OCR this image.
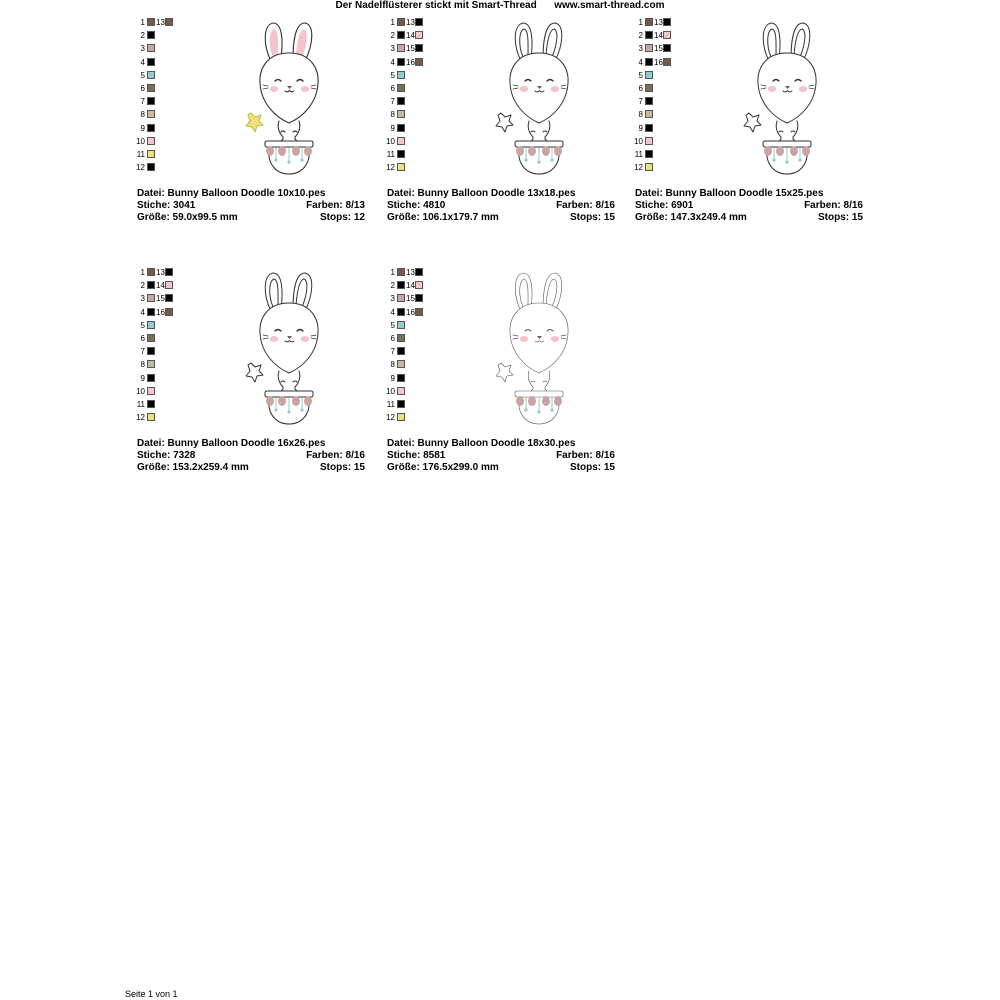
Der Nadelflüsterer stickt mit Smart-Thread www.smart-thread.com
1 13
2
3
4
5
6
7
8
9
10
11
12
Datei: Bunny Balloon Doodle 10x10.pes
Stiche: 3041	Farben: 8/13
Größe: 59.0x99.5 mm	Stops: 12
1 13
2 14
3 15
4 16
5
6
7
8
9
10
11
12
Datei: Bunny Balloon Doodle 13x18.pes
Stiche: 4810	Farben: 8/16
Größe: 106.1x179.7 mm	Stops: 15
1 13
2 14
3 15
4 16
5
6
7
8
9
10
11
12
Datei: Bunny Balloon Doodle 15x25.pes
Stiche: 6901	Farben: 8/16
Größe: 147.3x249.4 mm	Stops: 15
1 13
2 14
3 15
4 16
5
6
7
8
9
10
11
12
Datei: Bunny Balloon Doodle 16x26.pes
Stiche: 7328	Farben: 8/16
Größe: 153.2x259.4 mm	Stops: 15
1 13
2 14
3 15
4 16
5
6
7
8
9
10
11
12
Datei: Bunny Balloon Doodle 18x30.pes
Stiche: 8581	Farben: 8/16
Größe: 176.5x299.0 mm	Stops: 15
Seite 1 von 1
